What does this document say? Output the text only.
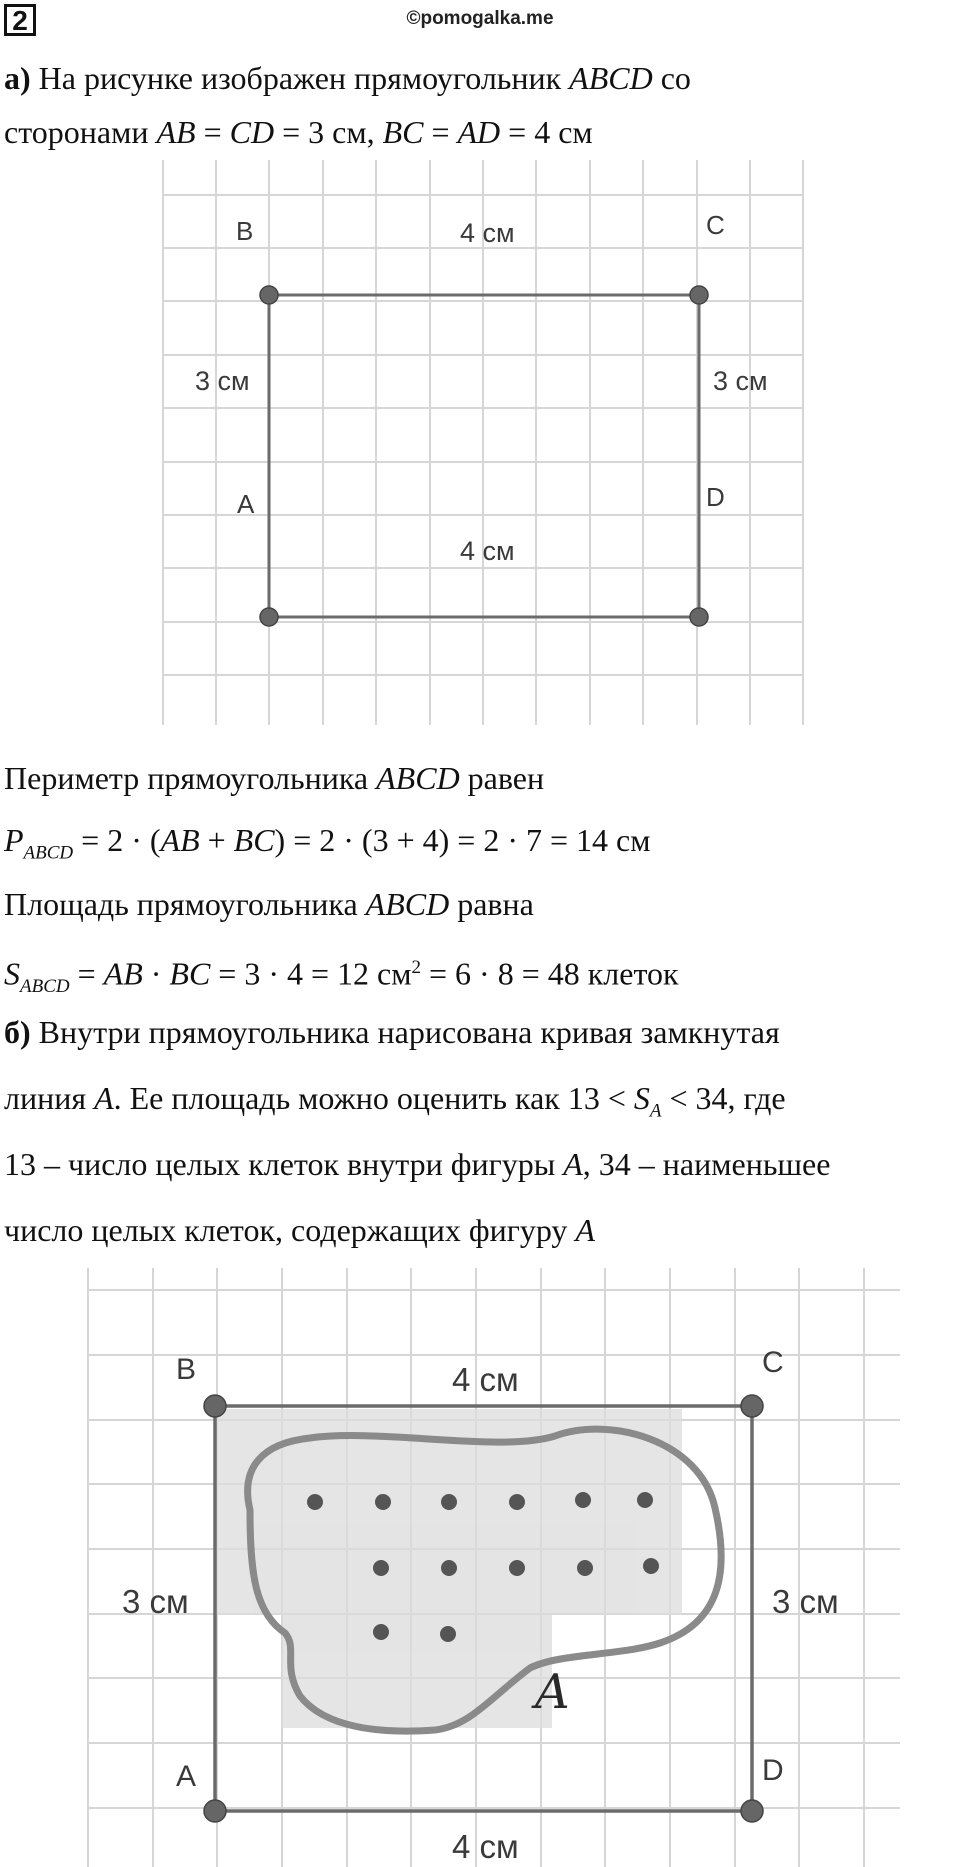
2	©pomogalka.me
а) На рисунке изображен прямоугольник ABCD со
сторонами AB = CD = 3 см, BC = AD = 4 см
B	C
A	D
4 см
4 см
3 см	3 см
Периметр прямоугольника ABCD равен
$P_{ABCD} = 2 \cdot (AB + BC) = 2 \cdot (3 + 4) = 2 \cdot 7 = 14$ см
Площадь прямоугольника ABCD равна
$S_{ABCD}$ = AB · BC = 3 · 4 = 12 $см^2 = 6 \cdot 8 = 48$ клеток
б) Внутри прямоугольника нарисована кривая замкнутая
линия A. Ее площадь можно оценить как $13 < S_A < 34$, где
13 – число целых клеток внутри фигуры A, 34 – наименьшее
число целых клеток, содержащих фигуру A
A
B	C
A	D
4 см
4 см
3 см	3 см
